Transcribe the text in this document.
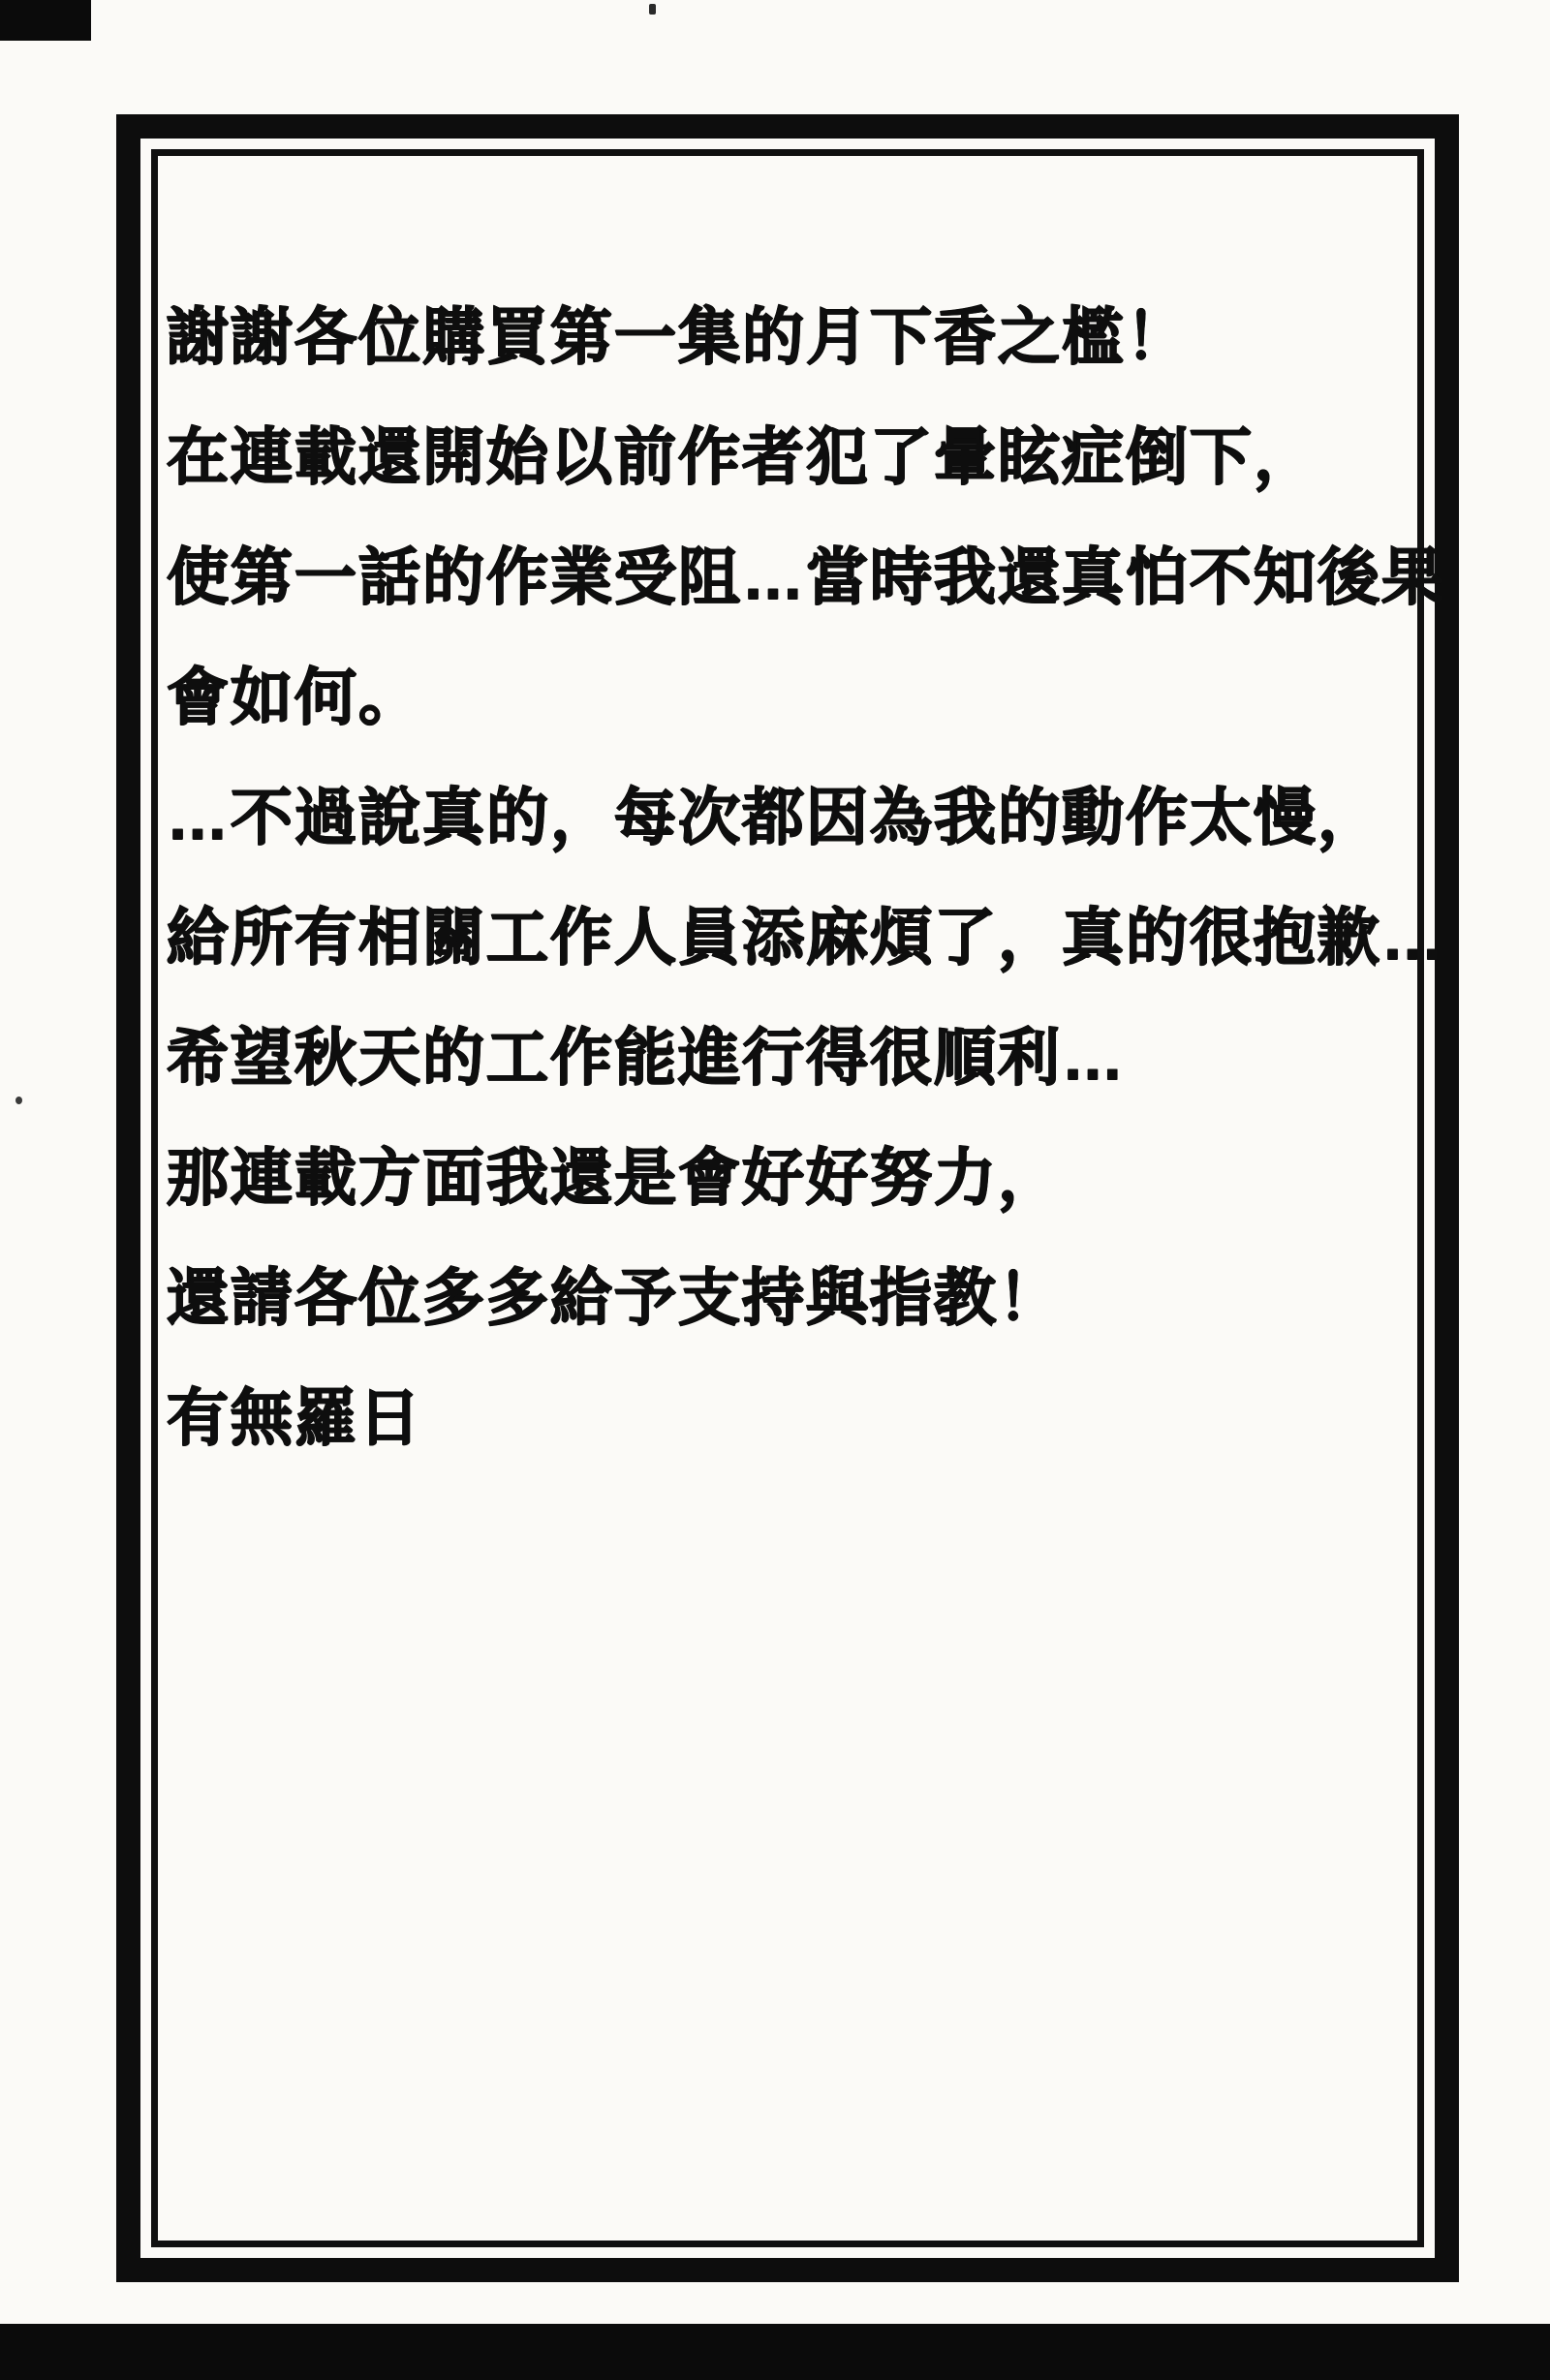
謝謝各位購買第一集的月下香之檻！
在連載還開始以前作者犯了暈眩症倒下，
使第一話的作業受阻…當時我還真怕不知後果
會如何。
…不過說真的，每次都因為我的動作太慢，
給所有相關工作人員添麻煩了，真的很抱歉…
希望秋天的工作能進行得很順利…
那連載方面我還是會好好努力，
還請各位多多給予支持與指教！
有無羅日
